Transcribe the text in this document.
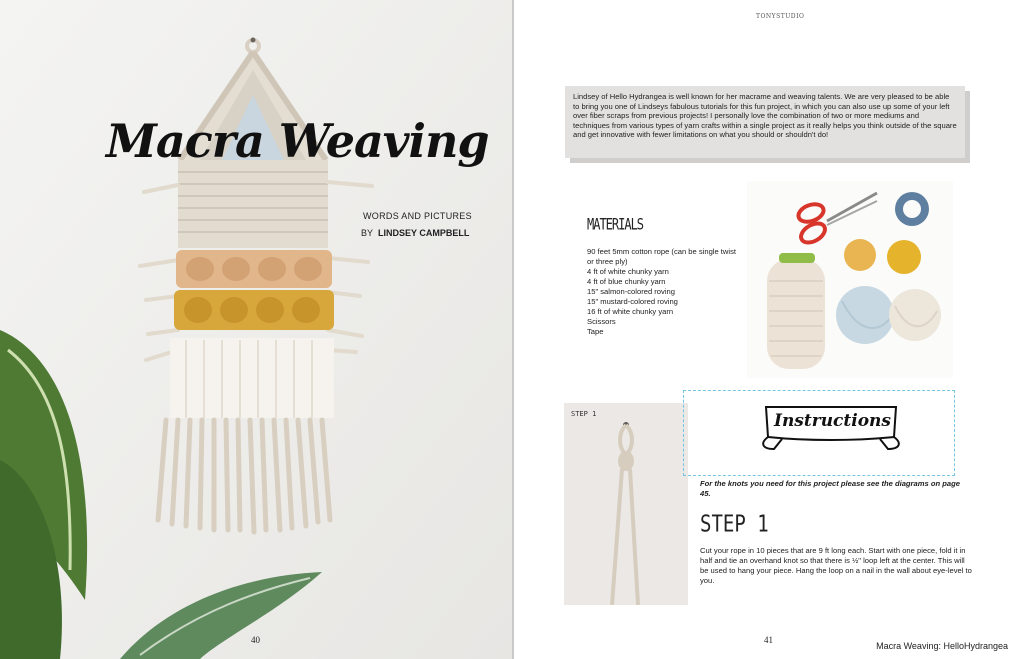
Macra Weaving
WORDS AND PICTURES
BY LINDSEY CAMPBELL
40
TONYSTUDIO
Lindsey of Hello Hydrangea is well known for her macrame and weaving talents. We are very pleased to be able to bring you one of Lindseys fabulous tutorials for this fun project, in which you can also use up some of your left over fiber scraps from previous projects! I personally love the combination of two or more mediums and techniques from various types of yarn crafts within a single project as it really helps you think outside of the square and get innovative with fewer limitations on what you should or shouldn't do!
MATERIALS
90 feet 5mm cotton rope (can be single twist or three ply)
4 ft of white chunky yarn
4 ft of blue chunky yarn
15" salmon-colored roving
15" mustard-colored roving
16 ft of white chunky yarn
Scissors
Tape
STEP 1	Instructions
For the knots you need for this project please see the diagrams on page 45.
STEP 1
Cut your rope in 10 pieces that are 9 ft long each. Start with one piece, fold it in half and tie an overhand knot so that there is ½" loop left at the center. This will be used to hang your piece. Hang the loop on a nail in the wall about eye-level to you.
41
Macra Weaving: HelloHydrangea
